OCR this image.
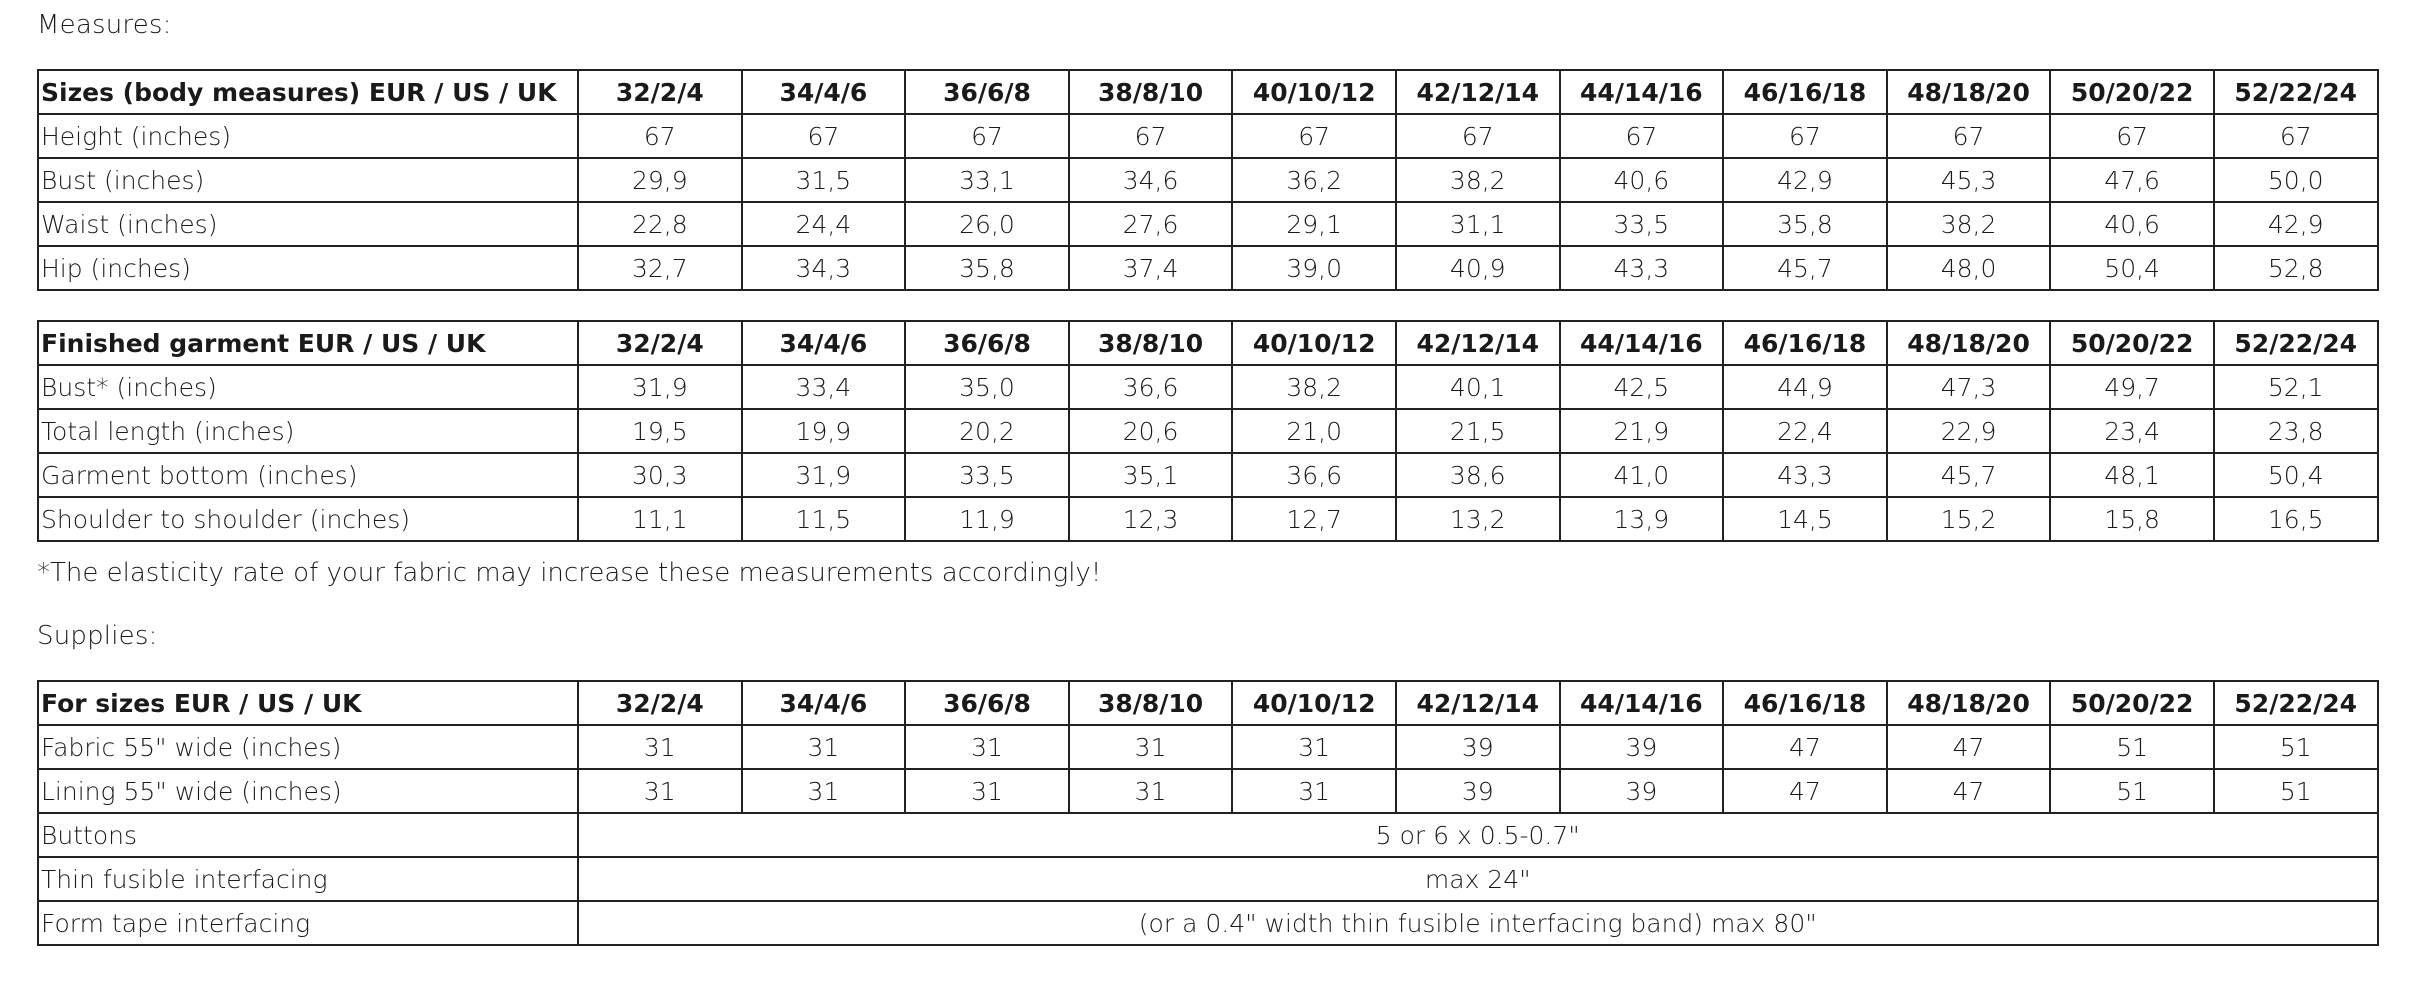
Measures:
Sizes (body measures) EUR / US / UK	32/2/4	34/4/6	36/6/8	38/8/10	40/10/12	42/12/14	44/14/16	46/16/18	48/18/20	50/20/22	52/22/24
Height (inches)	67	67	67	67	67	67	67	67	67	67	67
Bust (inches)	29,9	31,5	33,1	34,6	36,2	38,2	40,6	42,9	45,3	47,6	50,0
Waist (inches)	22,8	24,4	26,0	27,6	29,1	31,1	33,5	35,8	38,2	40,6	42,9
Hip (inches)	32,7	34,3	35,8	37,4	39,0	40,9	43,3	45,7	48,0	50,4	52,8
Finished garment EUR / US / UK	32/2/4	34/4/6	36/6/8	38/8/10	40/10/12	42/12/14	44/14/16	46/16/18	48/18/20	50/20/22	52/22/24
Bust* (inches)	31,9	33,4	35,0	36,6	38,2	40,1	42,5	44,9	47,3	49,7	52,1
Total length (inches)	19,5	19,9	20,2	20,6	21,0	21,5	21,9	22,4	22,9	23,4	23,8
Garment bottom (inches)	30,3	31,9	33,5	35,1	36,6	38,6	41,0	43,3	45,7	48,1	50,4
Shoulder to shoulder (inches)	11,1	11,5	11,9	12,3	12,7	13,2	13,9	14,5	15,2	15,8	16,5
*The elasticity rate of your fabric may increase these measurements accordingly!
Supplies:
For sizes EUR / US / UK	32/2/4	34/4/6	36/6/8	38/8/10	40/10/12	42/12/14	44/14/16	46/16/18	48/18/20	50/20/22	52/22/24
Fabric 55" wide (inches)	31	31	31	31	31	39	39	47	47	51	51
Lining 55" wide (inches)	31	31	31	31	31	39	39	47	47	51	51
Buttons	5 or 6 x 0.5-0.7"										
Thin fusible interfacing	max 24"										
Form tape interfacing	(or a 0.4" width thin fusible interfacing band) max 80"										
